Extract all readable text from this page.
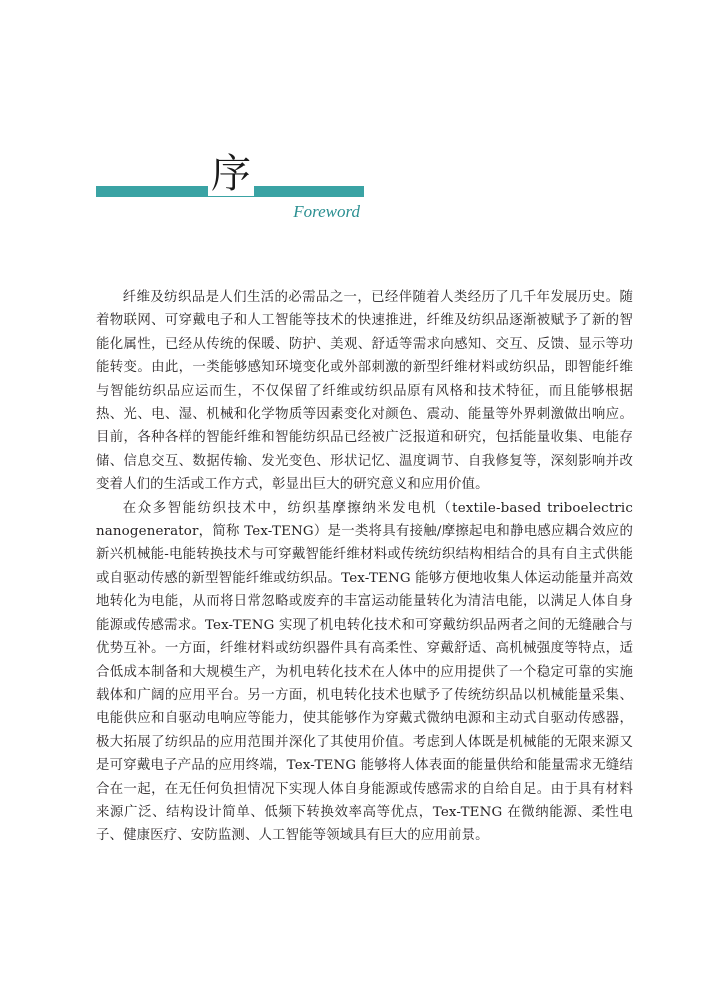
序
Foreword

纤维及纺织品是人们生活的必需品之一，已经伴随着人类经历了几千年发展历史。随着物联网、可穿戴电子和人工智能等技术的快速推进，纤维及纺织品逐渐被赋予了新的智能化属性，已经从传统的保暖、防护、美观、舒适等需求向感知、交互、反馈、显示等功能转变。由此，一类能够感知环境变化或外部刺激的新型纤维材料或纺织品，即智能纤维与智能纺织品应运而生，不仅保留了纤维或纺织品原有风格和技术特征，而且能够根据热、光、电、湿、机械和化学物质等因素变化对颜色、震动、能量等外界刺激做出响应。目前，各种各样的智能纤维和智能纺织品已经被广泛报道和研究，包括能量收集、电能存储、信息交互、数据传输、发光变色、形状记忆、温度调节、自我修复等，深刻影响并改变着人们的生活或工作方式，彰显出巨大的研究意义和应用价值。

在众多智能纺织技术中，纺织基摩擦纳米发电机（textile-based triboelectric nanogenerator，简称 Tex-TENG）是一类将具有接触/摩擦起电和静电感应耦合效应的新兴机械能-电能转换技术与可穿戴智能纤维材料或传统纺织结构相结合的具有自主式供能或自驱动传感的新型智能纤维或纺织品。Tex-TENG 能够方便地收集人体运动能量并高效地转化为电能，从而将日常忽略或废弃的丰富运动能量转化为清洁电能，以满足人体自身能源或传感需求。Tex-TENG 实现了机电转化技术和可穿戴纺织品两者之间的无缝融合与优势互补。一方面，纤维材料或纺织器件具有高柔性、穿戴舒适、高机械强度等特点，适合低成本制备和大规模生产，为机电转化技术在人体中的应用提供了一个稳定可靠的实施载体和广阔的应用平台。另一方面，机电转化技术也赋予了传统纺织品以机械能量采集、电能供应和自驱动电响应等能力，使其能够作为穿戴式微纳电源和主动式自驱动传感器，极大拓展了纺织品的应用范围并深化了其使用价值。考虑到人体既是机械能的无限来源又是可穿戴电子产品的应用终端，Tex-TENG 能够将人体表面的能量供给和能量需求无缝结合在一起，在无任何负担情况下实现人体自身能源或传感需求的自给自足。由于具有材料来源广泛、结构设计简单、低频下转换效率高等优点，Tex-TENG 在微纳能源、柔性电子、健康医疗、安防监测、人工智能等领域具有巨大的应用前景。
